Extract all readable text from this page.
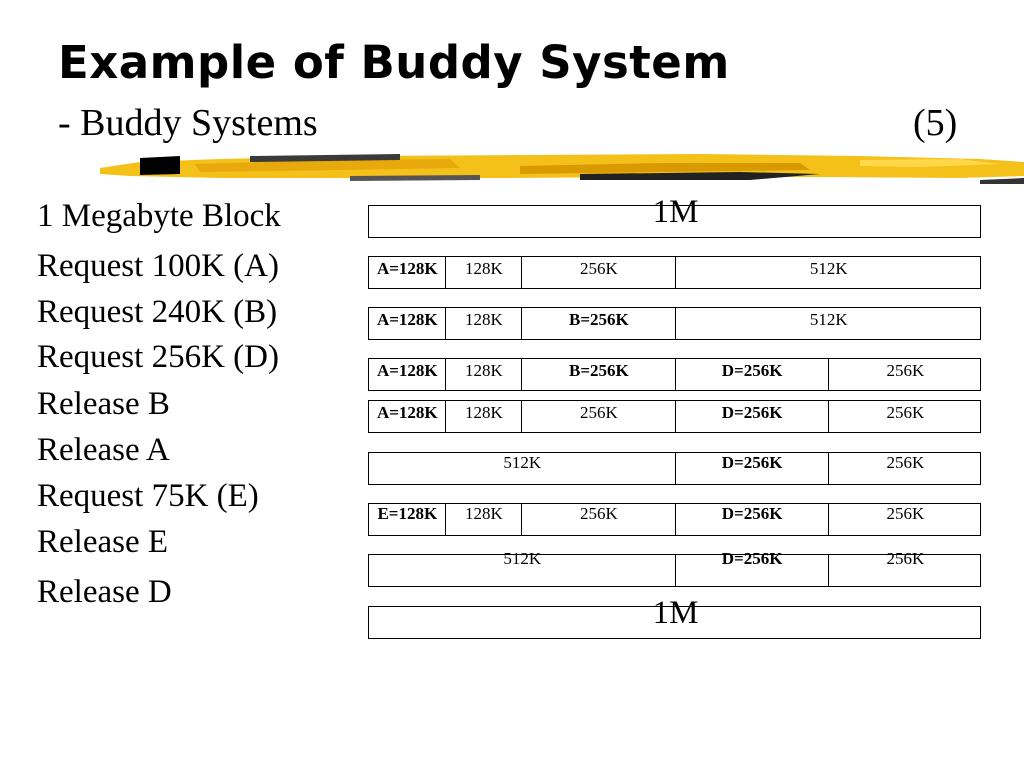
Example of Buddy System
- Buddy Systems	(5)
1 Megabyte Block	1M
Request 100K (A)	A=128K 128K	256K	512K
Request 240K (B)	A=128K 128K	B=256K	512K
Request 256K (D)	A=128K 128K	B=256K	D=256K	256K
Release B	A=128K 128K	256K	D=256K	256K
Release A	512K	D=256K	256K
Request 75K (E)	E=128K 128K	256K	D=256K	256K
Release E	512K	D=256K	256K
Release D
1M
